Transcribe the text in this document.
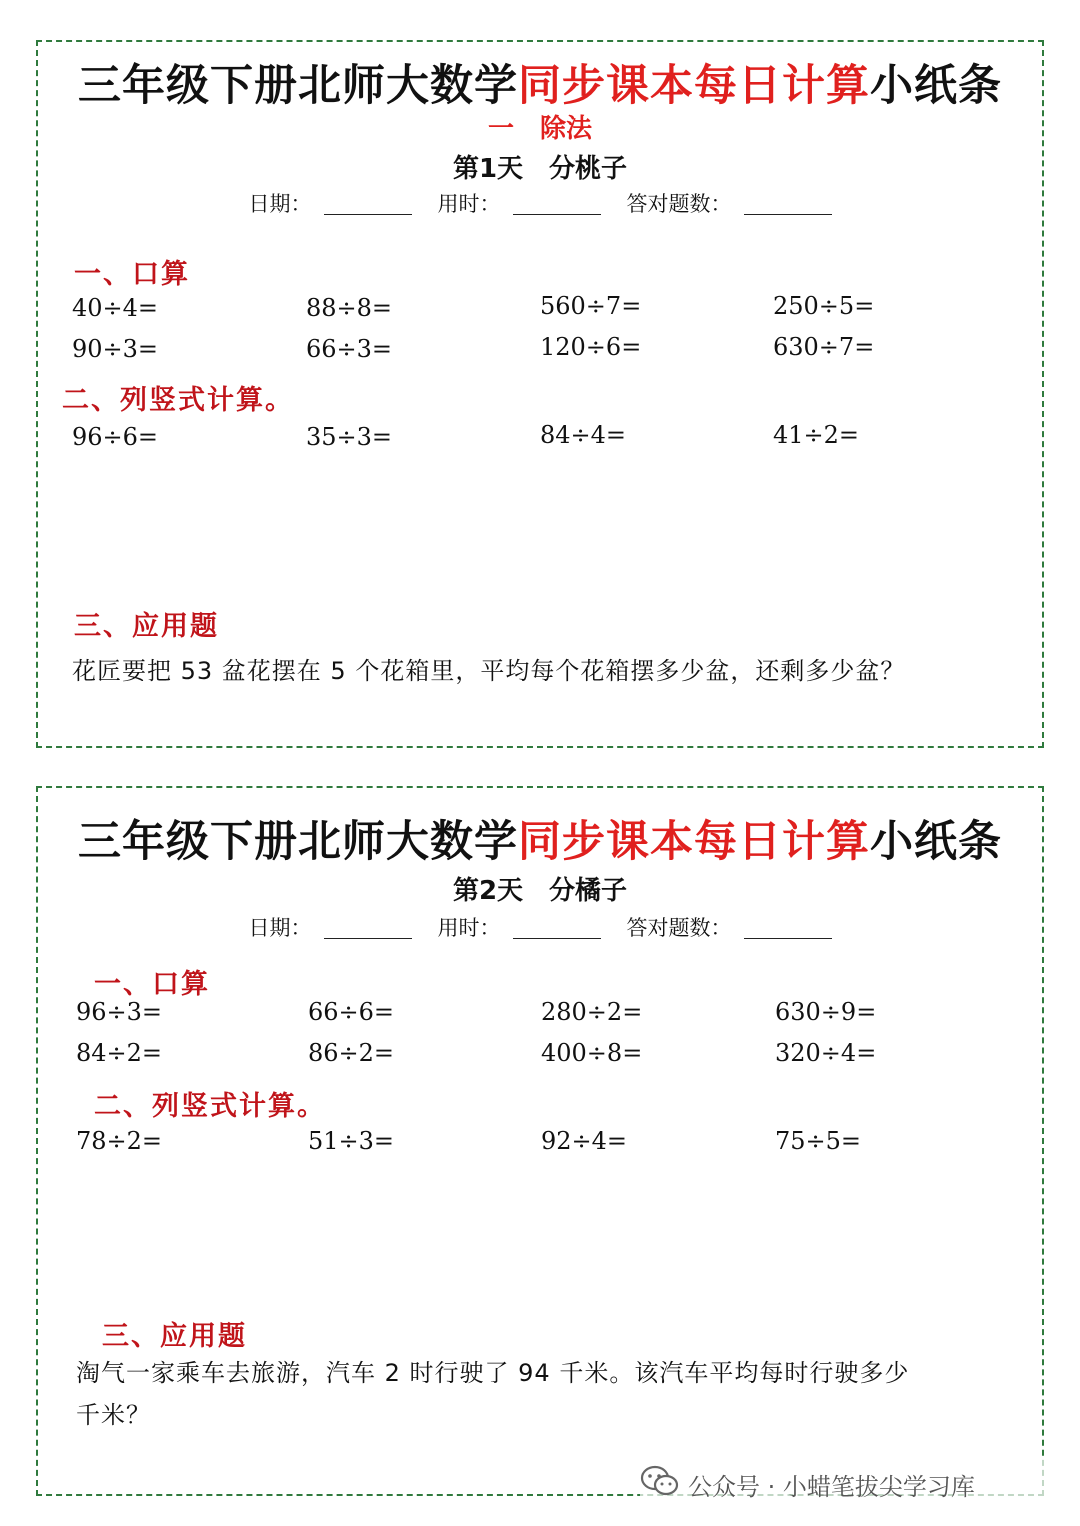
三年级下册北师大数学同步课本每日计算小纸条
一　除法
第1天　分桃子
日期：	用时：	答对题数：
一、口算
40÷4=	88÷8=	560÷7=	250÷5=
90÷3=	66÷3=	120÷6=	630÷7=
二、列竖式计算。
96÷6=	35÷3=	84÷4=	41÷2=
三、应用题
花匠要把 53 盆花摆在 5 个花箱里，平均每个花箱摆多少盆，还剩多少盆？
三年级下册北师大数学同步课本每日计算小纸条
第2天　分橘子
日期：	用时：	答对题数：
一、口算
96÷3=	66÷6=	280÷2=	630÷9=
84÷2=	86÷2=	400÷8=	320÷4=
二、列竖式计算。
78÷2=	51÷3=	92÷4=	75÷5=
三、应用题
淘气一家乘车去旅游，汽车 2 时行驶了 94 千米。该汽车平均每时行驶多少
千米？
公众号 · 小蜡笔拔尖学习库
